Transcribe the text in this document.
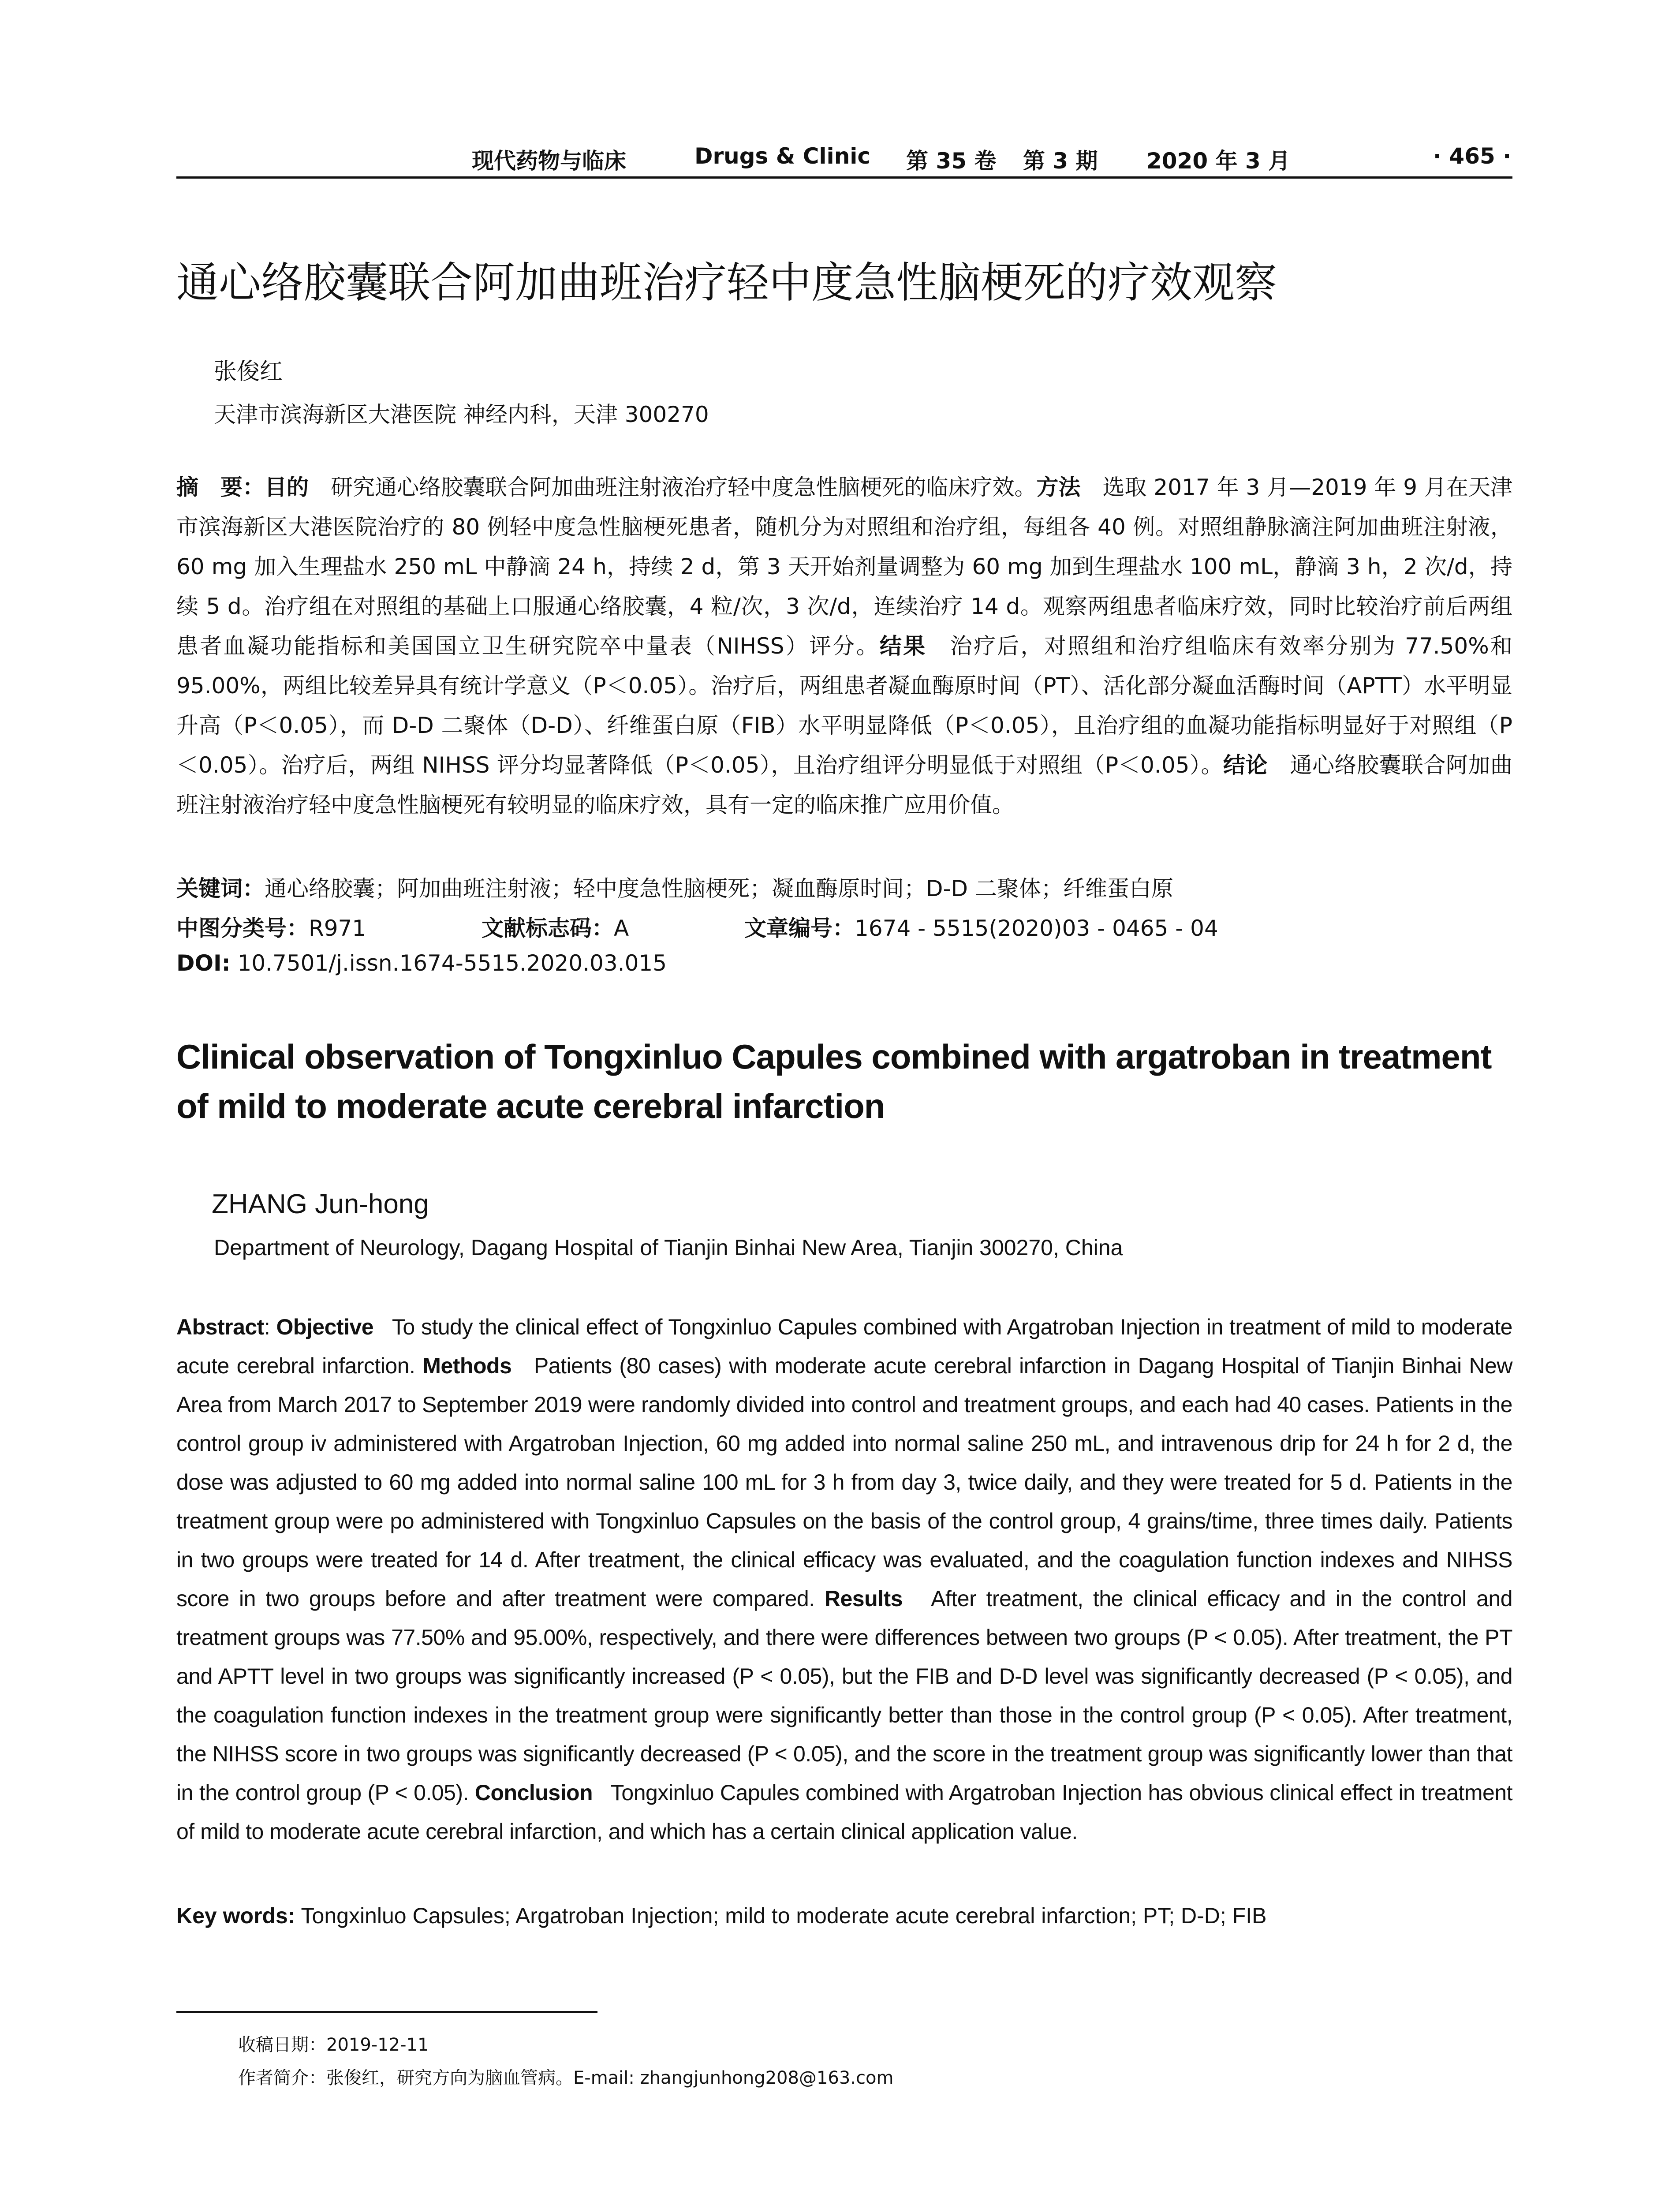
现代药物与临床	Drugs & Clinic 第 35 卷 第 3 期 2020 年 3 月	· 465 ·
通心络胶囊联合阿加曲班治疗轻中度急性脑梗死的疗效观察
张俊红
天津市滨海新区大港医院 神经内科，天津 300270
摘　要：目的　 研究通心络胶囊联合阿加曲班注射液治疗轻中度急性脑梗死的临床疗效。方法　 选取 2017 年 3 月—2019 年 9 月在天津市滨海新区大港医院治疗的 80 例轻中度急性脑梗死患者，随机分为对照组和治疗组，每组各 40 例。对照组静脉滴注阿加曲班注射液，60 mg 加入生理盐水 250 mL 中静滴 24 h，持续 2 d，第 3 天开始剂量调整为 60 mg 加到生理盐水 100 mL，静滴 3 h，2 次/d，持续 5 d。治疗组在对照组的基础上口服通心络胶囊，4 粒/次，3 次/d，连续治疗 14 d。观察两组患者临床疗效，同时比较治疗前后两组患者血凝功能指标和美国国立卫生研究院卒中量表（NIHSS）评分。结果　 治疗后，对照组和治疗组临床有效率分别为 77.50%和 95.00%，两组比较差异具有统计学意义（P＜0.05）。治疗后，两组患者凝血酶原时间（PT）、活化部分凝血活酶时间（APTT）水平明显升高（P＜0.05），而 D-D 二聚体（D-D）、纤维蛋白原（FIB）水平明显降低（P＜0.05），且治疗组的血凝功能指标明显好于对照组（P＜0.05）。治疗后，两组 NIHSS 评分均显著降低（P＜0.05），且治疗组评分明显低于对照组（P＜0.05）。结论　 通心络胶囊联合阿加曲班注射液治疗轻中度急性脑梗死有较明显的临床疗效，具有一定的临床推广应用价值。
关键词：通心络胶囊；阿加曲班注射液；轻中度急性脑梗死；凝血酶原时间；D-D 二聚体；纤维蛋白原
中图分类号：R971	文献标志码：A	文章编号：1674 - 5515(2020)03 - 0465 - 04
DOI: 10.7501/j.issn.1674-5515.2020.03.015
Clinical observation of Tongxinluo Capules combined with argatroban in treatment of mild to moderate acute cerebral infarction
ZHANG Jun-hong
Department of Neurology, Dagang Hospital of Tianjin Binhai New Area, Tianjin 300270, China
Abstract: Objective To study the clinical effect of Tongxinluo Capules combined with Argatroban Injection in treatment of mild to moderate acute cerebral infarction. Methods Patients (80 cases) with moderate acute cerebral infarction in Dagang Hospital of Tianjin Binhai New Area from March 2017 to September 2019 were randomly divided into control and treatment groups, and each had 40 cases. Patients in the control group iv administered with Argatroban Injection, 60 mg added into normal saline 250 mL, and intravenous drip for 24 h for 2 d, the dose was adjusted to 60 mg added into normal saline 100 mL for 3 h from day 3, twice daily, and they were treated for 5 d. Patients in the treatment group were po administered with Tongxinluo Capsules on the basis of the control group, 4 grains/time, three times daily. Patients in two groups were treated for 14 d. After treatment, the clinical efficacy was evaluated, and the coagulation function indexes and NIHSS score in two groups before and after treatment were compared. Results After treatment, the clinical efficacy and in the control and treatment groups was 77.50% and 95.00%, respectively, and there were differences between two groups (P < 0.05). After treatment, the PT and APTT level in two groups was significantly increased (P < 0.05), but the FIB and D-D level was significantly decreased (P < 0.05), and the coagulation function indexes in the treatment group were significantly better than those in the control group (P < 0.05). After treatment, the NIHSS score in two groups was significantly decreased (P < 0.05), and the score in the treatment group was significantly lower than that in the control group (P < 0.05). Conclusion Tongxinluo Capules combined with Argatroban Injection has obvious clinical effect in treatment of mild to moderate acute cerebral infarction, and which has a certain clinical application value.
Key words: Tongxinluo Capsules; Argatroban Injection; mild to moderate acute cerebral infarction; PT; D-D; FIB
收稿日期：2019-12-11
作者简介：张俊红，研究方向为脑血管病。E-mail: zhangjunhong208@163.com
